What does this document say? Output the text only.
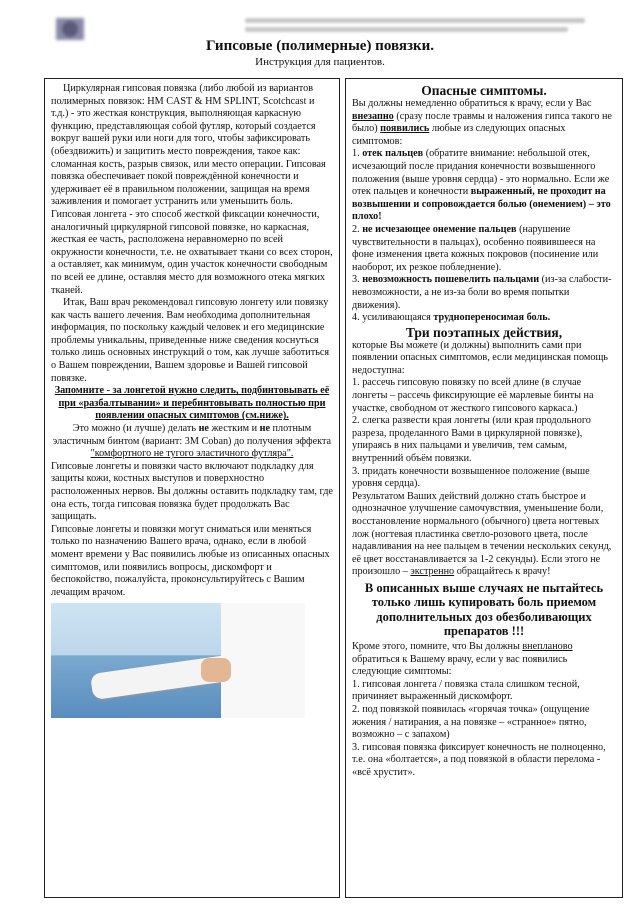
Гипсовые (полимерные) повязки.
Инструкция для пациентов.

Циркулярная гипсовая повязка (либо любой из вариантов полимерных повязок: HM CAST & HM SPLINT, Scotchcast и т.д.) - это жесткая конструкция, выполняющая каркасную функцию, представляющая собой футляр, который создается вокруг вашей руки или ноги для того, чтобы зафиксировать (обездвижить) и защитить место повреждения, такое как: сломанная кость, разрыв связок, или место операции. Гипсовая повязка обеспечивает покой повреждённой конечности и удерживает её в правильном положении, защищая на время заживления и помогает устранить или уменьшить боль. Гипсовая лонгета - это способ жесткой фиксации конечности, аналогичный циркулярной гипсовой повязке, но каркасная, жесткая ее часть, расположена неравномерно по всей окружности конечности, т.е. не охватывает ткани со всех сторон, а оставляет, как минимум, один участок конечности свободным по всей ее длине, оставляя место для возможного отека мягких тканей.

Итак, Ваш врач рекомендовал гипсовую лонгету или повязку как часть вашего лечения. Вам необходима дополнительная информация, по поскольку каждый человек и его медицинские проблемы уникальны, приведенные ниже сведения коснуться только лишь основных инструкций о том, как лучше заботиться о Вашем повреждении, Вашем здоровье и Вашей гипсовой повязке.

Запомните - за лонгетой нужно следить, подбинтовывать её при «разбалтывании» и перебинтовывать полностью при появлении опасных симптомов (см.ниже).

Это можно (и лучше) делать не жестким и не плотным эластичным бинтом (вариант: 3M Coban) до получения эффекта
"комфортного не тугого эластичного футляра".

Гипсовые лонгеты и повязки часто включают подкладку для защиты кожи, костных выступов и поверхностно расположенных нервов. Вы должны оставить подкладку там, где она есть, тогда гипсовая повязка будет продолжать Вас защищать.

Гипсовые лонгеты и повязки могут сниматься или меняться только по назначению Вашего врача, однако, если в любой момент времени у Вас появились любые из описанных опасных симптомов, или появились вопросы, дискомфорт и беспокойство, пожалуйста, проконсультируйтесь с Вашим лечащим врачом.

Опасные симптомы.

Вы должны немедленно обратиться к врачу, если у Вас внезапно (сразу после травмы и наложения гипса такого не было) появились любые из следующих опасных симптомов:

1. отек пальцев (обратите внимание: небольшой отек, исчезающий после придания конечности возвышенного положения (выше уровня сердца) - это нормально. Если же отек пальцев и конечности выраженный, не проходит на возвышении и сопровождается болью (онемением) – это плохо!

2. не исчезающее онемение пальцев (нарушение чувствительности в пальцах), особенно появившееся на фоне изменения цвета кожных покровов (посинение или наоборот, их резкое побледнение).

3. невозможность пошевелить пальцами (из-за слабости-невозможности, а не из-за боли во время попытки движения).

4. усиливающаяся труднопереносимая боль.

Три поэтапных действия,

которые Вы можете (и должны) выполнить сами при появлении опасных симптомов, если медицинская помощь недоступна:

1. рассечь гипсовую повязку по всей длине (в случае лонгеты – рассечь фиксирующие её марлевые бинты на участке, свободном от жесткого гипсового каркаса.)

2. слегка развести края лонгеты (или края продольного разреза, проделанного Вами в циркулярной повязке), упираясь в них пальцами и увеличив, тем самым, внутренний объём повязки.

3. придать конечности возвышенное положение (выше уровня сердца).

Результатом Ваших действий должно стать быстрое и однозначное улучшение самочувствия, уменьшение боли, восстановление нормального (обычного) цвета ногтевых лож (ногтевая пластинка светло-розового цвета, после надавливания на нее пальцем в течении нескольких секунд, её цвет восстанавливается за 1-2 секунды). Если этого не произошло – экстренно обращайтесь к врачу!

В описанных выше случаях не пытайтесь только лишь купировать боль приемом дополнительных доз обезболивающих препаратов !!!

Кроме этого, помните, что Вы должны внепланово обратиться к Вашему врачу, если у вас появились следующие симптомы:

1. гипсовая лонгета / повязка стала слишком тесной, причиняет выраженный дискомфорт.

2. под повязкой появилась «горячая точка» (ощущение жжения / натирания, а на повязке – «странное» пятно, возможно – с запахом)

3. гипсовая повязка фиксирует конечность не полноценно, т.е. она «болтается», а под повязкой в области перелома - «всё хрустит».
